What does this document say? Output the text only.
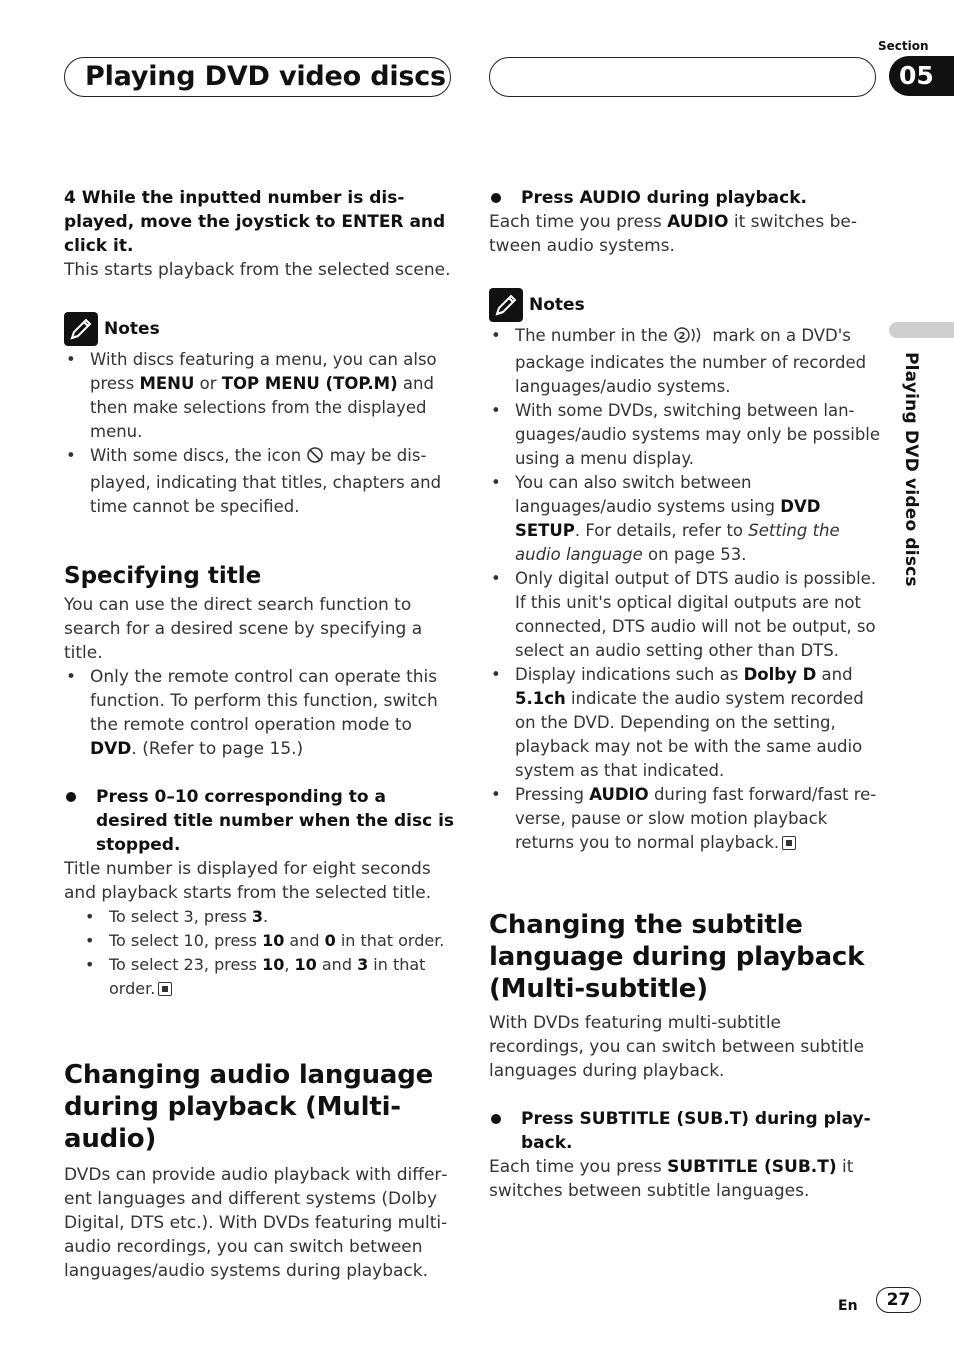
Playing DVD video discs
Section
05
Playing DVD video discs
4 While the inputted number is displayed, move the joystick to ENTER and click it.
This starts playback from the selected scene.
Notes
• With discs featuring a menu, you can also press MENU or TOP MENU (TOP.M) and then make selections from the displayed menu.
• With some discs, the icon  may be displayed, indicating that titles, chapters and time cannot be specified.
Specifying title
You can use the direct search function to search for a desired scene by specifying a title.
• Only the remote control can operate this function. To perform this function, switch the remote control operation mode to DVD. (Refer to page 15.)
Press 0–10 corresponding to a desired title number when the disc is stopped.
Title number is displayed for eight seconds and playback starts from the selected title.
• To select 3, press 3.
• To select 10, press 10 and 0 in that order.
• To select 23, press 10, 10 and 3 in that order.
Changing audio language during playback (Multi-audio)
DVDs can provide audio playback with different languages and different systems (Dolby Digital, DTS etc.). With DVDs featuring multi-audio recordings, you can switch between languages/audio systems during playback.
Press AUDIO during playback.
Each time you press AUDIO it switches between audio systems.
Notes
• The number in the 2 mark on a DVD's package indicates the number of recorded languages/audio systems.
• With some DVDs, switching between languages/audio systems may only be possible using a menu display.
• You can also switch between languages/audio systems using DVD SETUP. For details, refer to Setting the audio language on page 53.
• Only digital output of DTS audio is possible. If this unit's optical digital outputs are not connected, DTS audio will not be output, so select an audio setting other than DTS.
• Display indications such as Dolby D and 5.1ch indicate the audio system recorded on the DVD. Depending on the setting, playback may not be with the same audio system as that indicated.
• Pressing AUDIO during fast forward/fast reverse, pause or slow motion playback returns you to normal playback.
Changing the subtitle language during playback (Multi-subtitle)
With DVDs featuring multi-subtitle recordings, you can switch between subtitle languages during playback.
Press SUBTITLE (SUB.T) during playback.
Each time you press SUBTITLE (SUB.T) it switches between subtitle languages.
En	27
